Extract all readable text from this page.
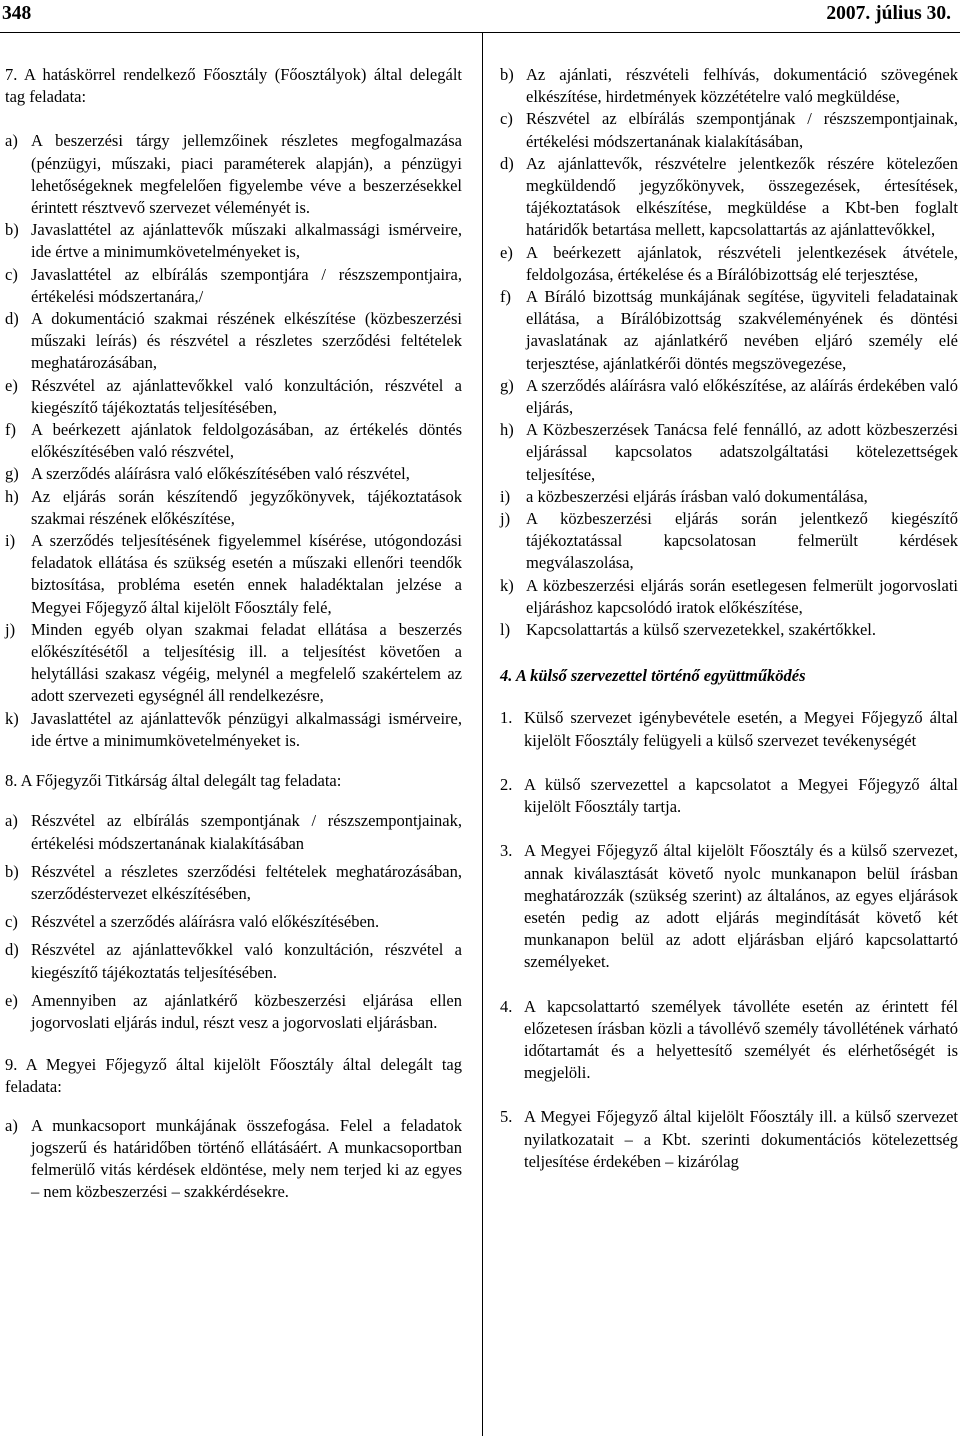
348	2007. július 30.

7. A hatáskörrel rendelkező Főosztály (Főosztályok) által delegált tag feladata:

a) A beszerzési tárgy jellemzőinek részletes megfogalmazása (pénzügyi, műszaki, piaci paraméterek alapján), a pénzügyi lehetőségeknek megfelelően figyelembe véve a beszerzésekkel érintett résztvevő szervezet véleményét is.

b) Javaslattétel az ajánlattevők műszaki alkalmassági ismérveire, ide értve a minimumkövetelményeket is,

c) Javaslattétel az elbírálás szempontjára / részszempontjaira, értékelési módszertanára,/

d) A dokumentáció szakmai részének elkészítése (közbeszerzési műszaki leírás) és részvétel a részletes szerződési feltételek meghatározásában,

e) Részvétel az ajánlattevőkkel való konzultáción, részvétel a kiegészítő tájékoztatás teljesítésében,

f) A beérkezett ajánlatok feldolgozásában, az értékelés döntés előkészítésében való részvétel,

g) A szerződés aláírásra való előkészítésében való részvétel,

h) Az eljárás során készítendő jegyzőkönyvek, tájékoztatások szakmai részének előkészítése,

i) A szerződés teljesítésének figyelemmel kísérése, utógondozási feladatok ellátása és szükség esetén a műszaki ellenőri teendők biztosítása, probléma esetén ennek haladéktalan jelzése a Megyei Főjegyző által kijelölt Főosztály felé,

j) Minden egyéb olyan szakmai feladat ellátása a beszerzés előkészítésétől a teljesítésig ill. a teljesítést követően a helytállási szakasz végéig, melynél a megfelelő szakértelem az adott szervezeti egységnél áll rendelkezésre,

k) Javaslattétel az ajánlattevők pénzügyi alkalmassági ismérveire, ide értve a minimumkövetelményeket is.

8. A Főjegyzői Titkárság által delegált tag feladata:

a) Részvétel az elbírálás szempontjának / részszempontjainak, értékelési módszertanának kialakításában

b) Részvétel a részletes szerződési feltételek meghatározásában, szerződéstervezet elkészítésében,

c) Részvétel a szerződés aláírásra való előkészítésében.

d) Részvétel az ajánlattevőkkel való konzultáción, részvétel a kiegészítő tájékoztatás teljesítésében.

e) Amennyiben az ajánlatkérő közbeszerzési eljárása ellen jogorvoslati eljárás indul, részt vesz a jogorvoslati eljárásban.

9. A Megyei Főjegyző által kijelölt Főosztály által delegált tag feladata:

a) A munkacsoport munkájának összefogása. Felel a feladatok jogszerű és határidőben történő ellátásáért. A munkacsoportban felmerülő vitás kérdések eldöntése, mely nem terjed ki az egyes – nem közbeszerzési – szakkérdésekre.

b) Az ajánlati, részvételi felhívás, dokumentáció szövegének elkészítése, hirdetmények közzétételre való megküldése,

c) Részvétel az elbírálás szempontjának / részszempontjainak, értékelési módszertanának kialakításában,

d) Az ajánlattevők, részvételre jelentkezők részére kötelezően megküldendő jegyzőkönyvek, összegezések, értesítések, tájékoztatások elkészítése, megküldése a Kbt-ben foglalt határidők betartása mellett, kapcsolattartás az ajánlattevőkkel,

e) A beérkezett ajánlatok, részvételi jelentkezések átvétele, feldolgozása, értékelése és a Bírálóbizottság elé terjesztése,

f) A Bíráló bizottság munkájának segítése, ügyviteli feladatainak ellátása, a Bírálóbizottság szakvéleményének és döntési javaslatának az ajánlatkérő nevében eljáró személy elé terjesztése, ajánlatkérői döntés megszövegezése,

g) A szerződés aláírásra való előkészítése, az aláírás érdekében való eljárás,

h) A Közbeszerzések Tanácsa felé fennálló, az adott közbeszerzési eljárással kapcsolatos adatszolgáltatási kötelezettségek teljesítése,

i) a közbeszerzési eljárás írásban való dokumentálása,

j) A közbeszerzési eljárás során jelentkező kiegészítő tájékoztatással kapcsolatosan felmerült kérdések megválaszolása,

k) A közbeszerzési eljárás során esetlegesen felmerült jogorvoslati eljáráshoz kapcsolódó iratok előkészítése,

l) Kapcsolattartás a külső szervezetekkel, szakértőkkel.

4. A külső szervezettel történő együttműködés

1. Külső szervezet igénybevétele esetén, a Megyei Főjegyző által kijelölt Főosztály felügyeli a külső szervezet tevékenységét

2. A külső szervezettel a kapcsolatot a Megyei Főjegyző által kijelölt Főosztály tartja.

3. A Megyei Főjegyző által kijelölt Főosztály és a külső szervezet, annak kiválasztását követő nyolc munkanapon belül írásban meghatározzák (szükség szerint) az általános, az egyes eljárások esetén pedig az adott eljárás megindítását követő két munkanapon belül az adott eljárásban eljáró kapcsolattartó személyeket.

4. A kapcsolattartó személyek távolléte esetén az érintett fél előzetesen írásban közli a távollévő személy távollétének várható időtartamát és a helyettesítő személyét és elérhetőségét is megjelöli.

5. A Megyei Főjegyző által kijelölt Főosztály ill. a külső szervezet nyilatkozatait – a Kbt. szerinti dokumentációs kötelezettség teljesítése érdekében – kizárólag
